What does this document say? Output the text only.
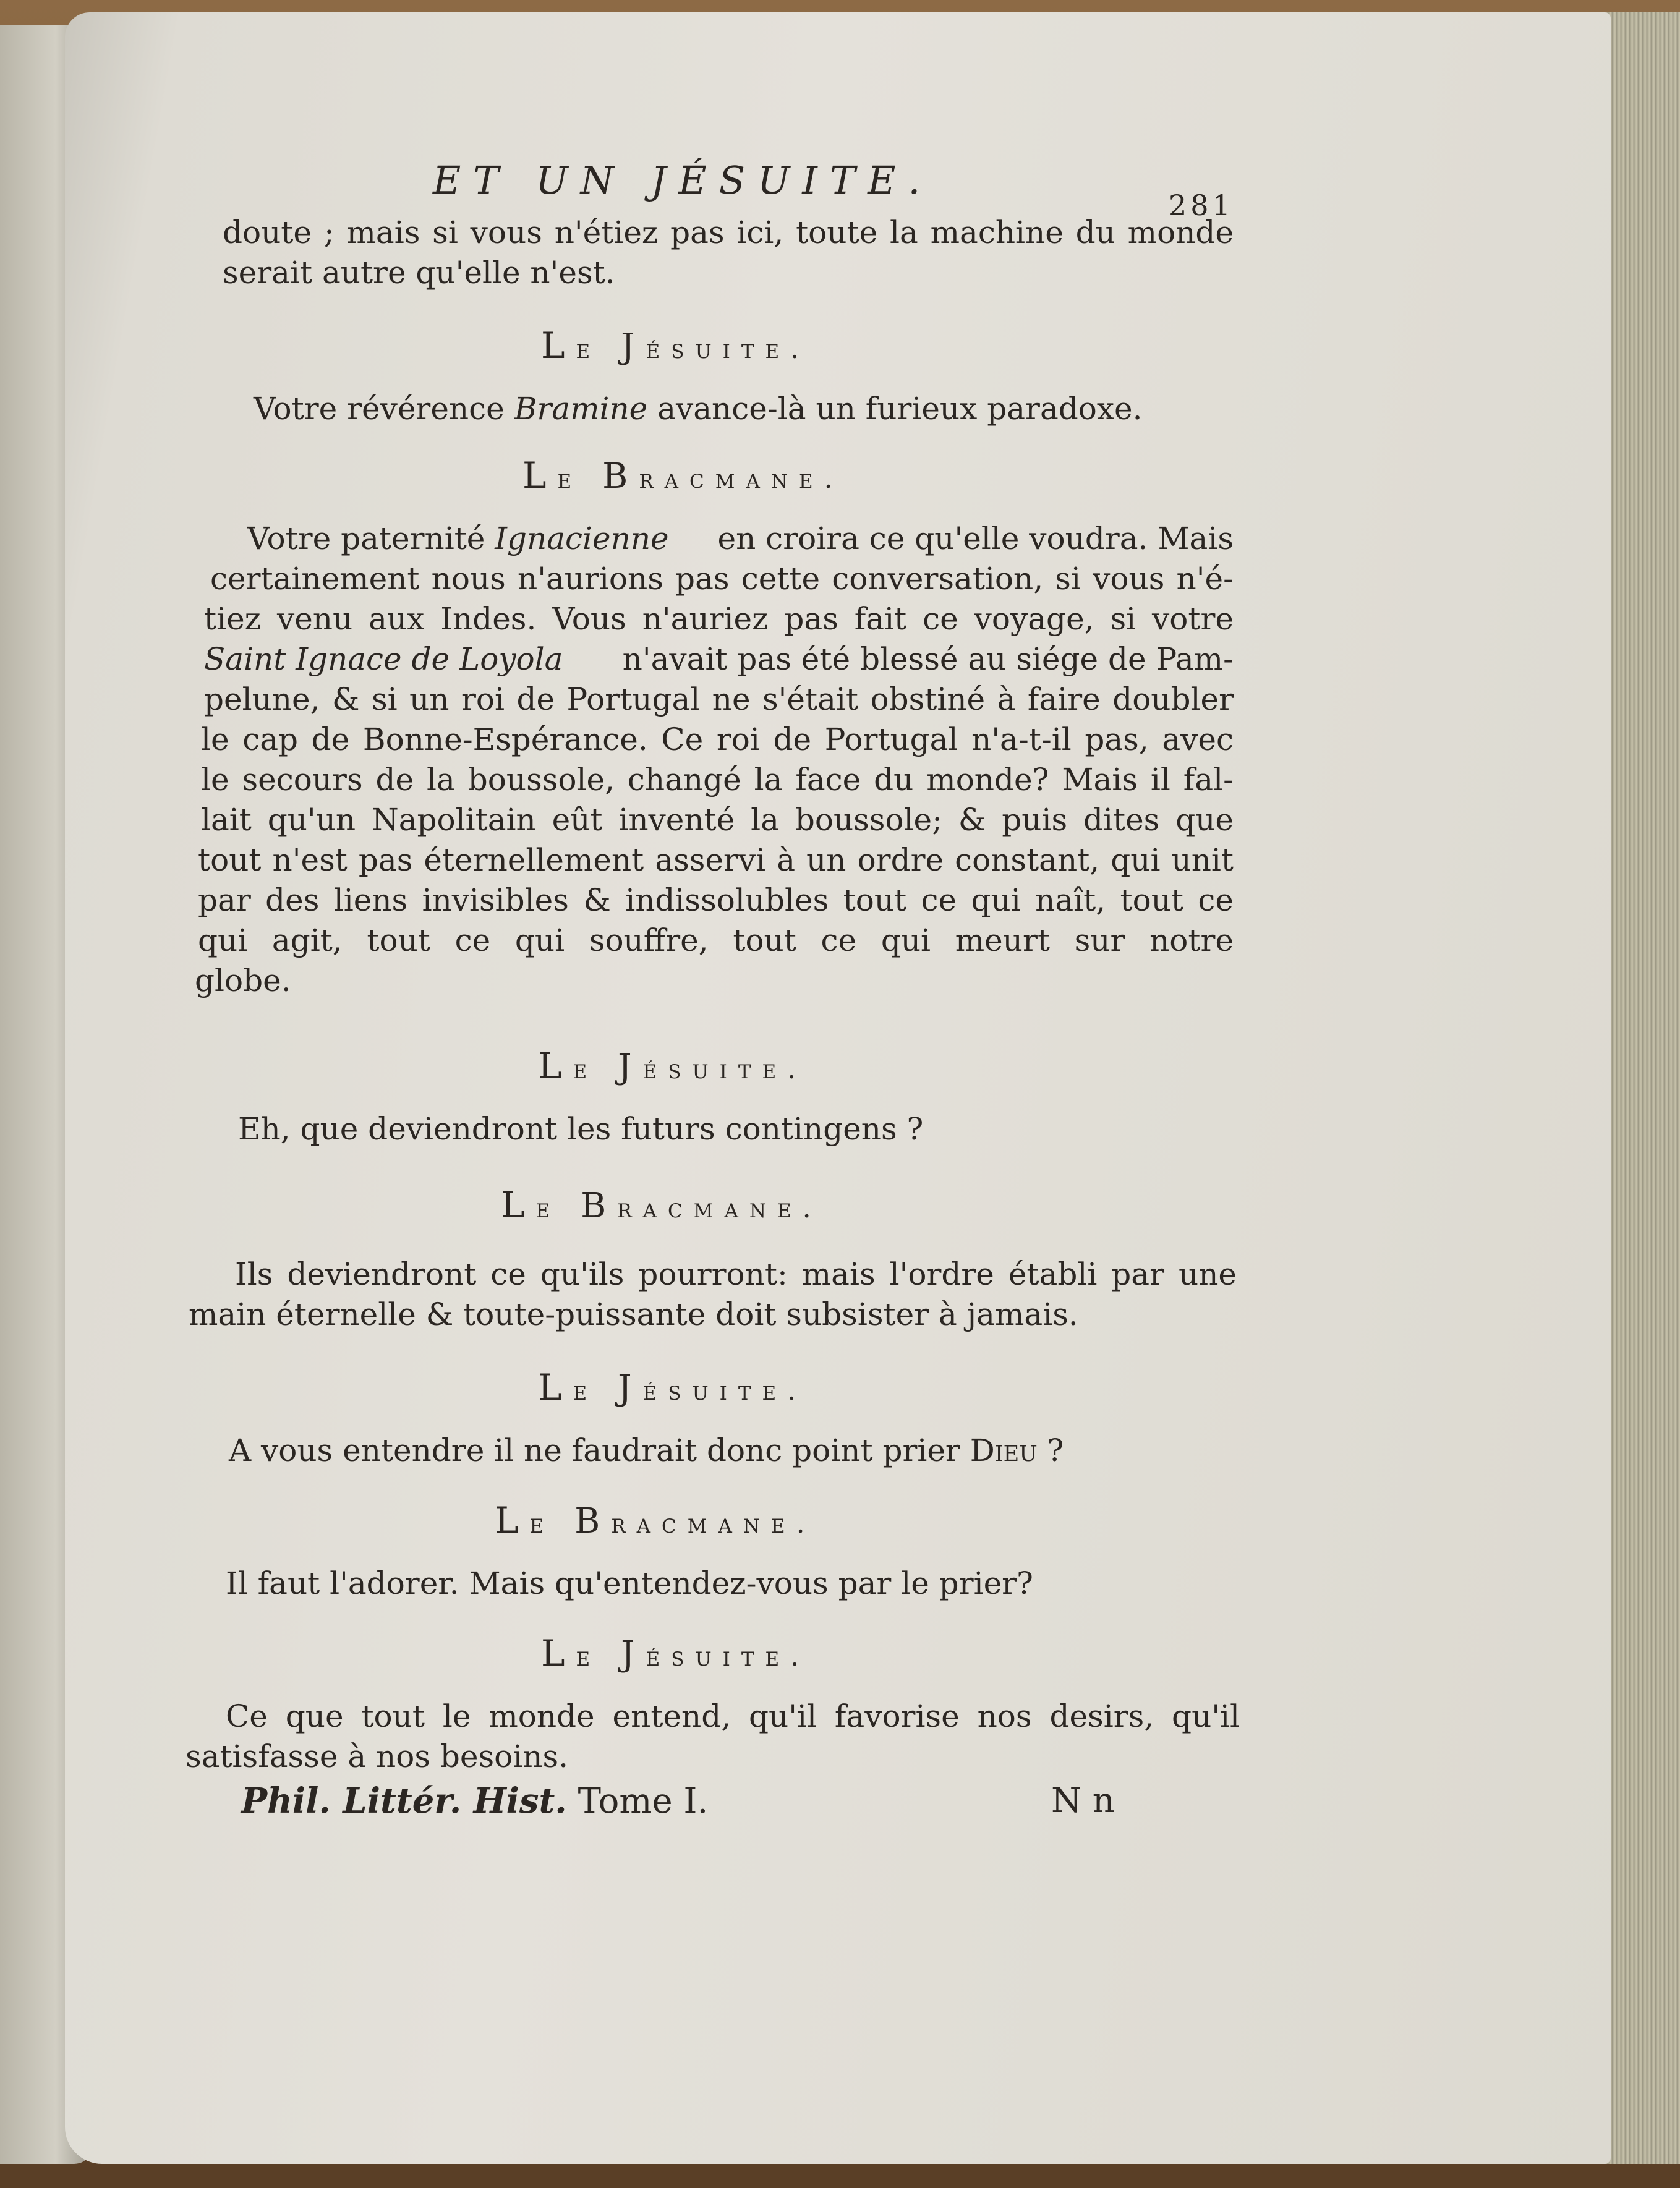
ET UN JÉSUITE.
281
doute ; mais si vous n'étiez pas ici, toute la machine du monde
serait autre qu'elle n'est.
Le Jésuite.
Votre révérence Bramine avance-là un furieux paradoxe.
Le Bracmane.
Votre paternité Ignacienne en croira ce qu'elle voudra. Mais
certainement nous n'aurions pas cette conversation, si vous n'é-
tiez venu aux Indes. Vous n'auriez pas fait ce voyage, si votre
Saint Ignace de Loyola n'avait pas été blessé au siége de Pam-
pelune, & si un roi de Portugal ne s'était obstiné à faire doubler
le cap de Bonne-Espérance. Ce roi de Portugal n'a-t-il pas, avec
le secours de la boussole, changé la face du monde? Mais il fal-
lait qu'un Napolitain eût inventé la boussole; & puis dites que
tout n'est pas éternellement asservi à un ordre constant, qui unit
par des liens invisibles & indissolubles tout ce qui naît, tout ce
qui agit, tout ce qui souffre, tout ce qui meurt sur notre
globe.
Le Jésuite.
Eh, que deviendront les futurs contingens ?
Le Bracmane.
Ils deviendront ce qu'ils pourront: mais l'ordre établi par une
main éternelle & toute-puissante doit subsister à jamais.
Le Jésuite.
A vous entendre il ne faudrait donc point prier Dieu ?
Le Bracmane.
Il faut l'adorer. Mais qu'entendez-vous par le prier?
Le Jésuite.
Ce que tout le monde entend, qu'il favorise nos desirs, qu'il
satisfasse à nos besoins.
Phil. Littér. Hist. Tome I.	N n
